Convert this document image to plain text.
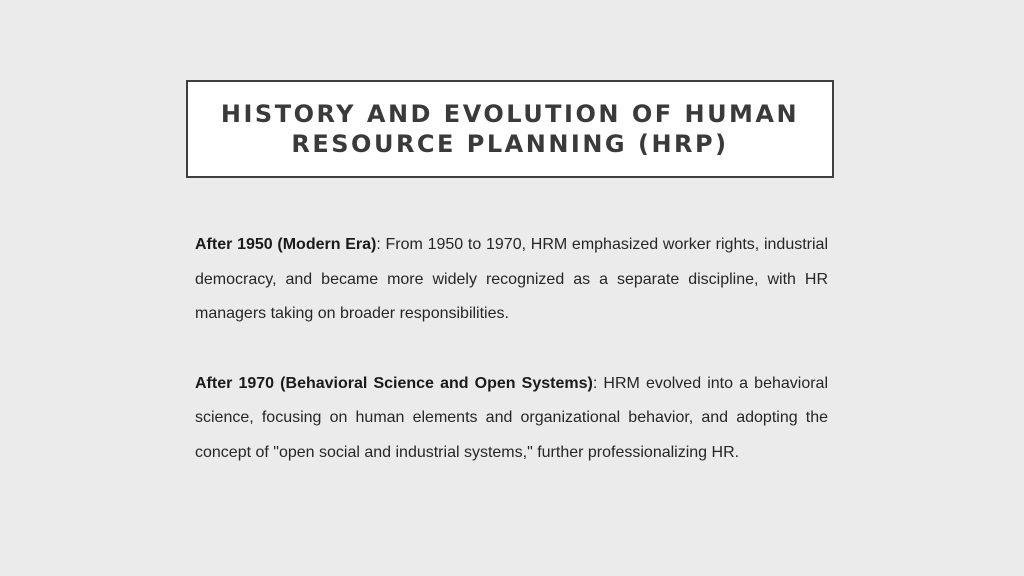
HISTORY AND EVOLUTION OF HUMAN
RESOURCE PLANNING (HRP)

After 1950 (Modern Era): From 1950 to 1970, HRM emphasized worker rights, industrial democracy, and became more widely recognized as a separate discipline, with HR managers taking on broader responsibilities.

After 1970 (Behavioral Science and Open Systems): HRM evolved into a behavioral science, focusing on human elements and organizational behavior, and adopting the concept of "open social and industrial systems," further professionalizing HR.
